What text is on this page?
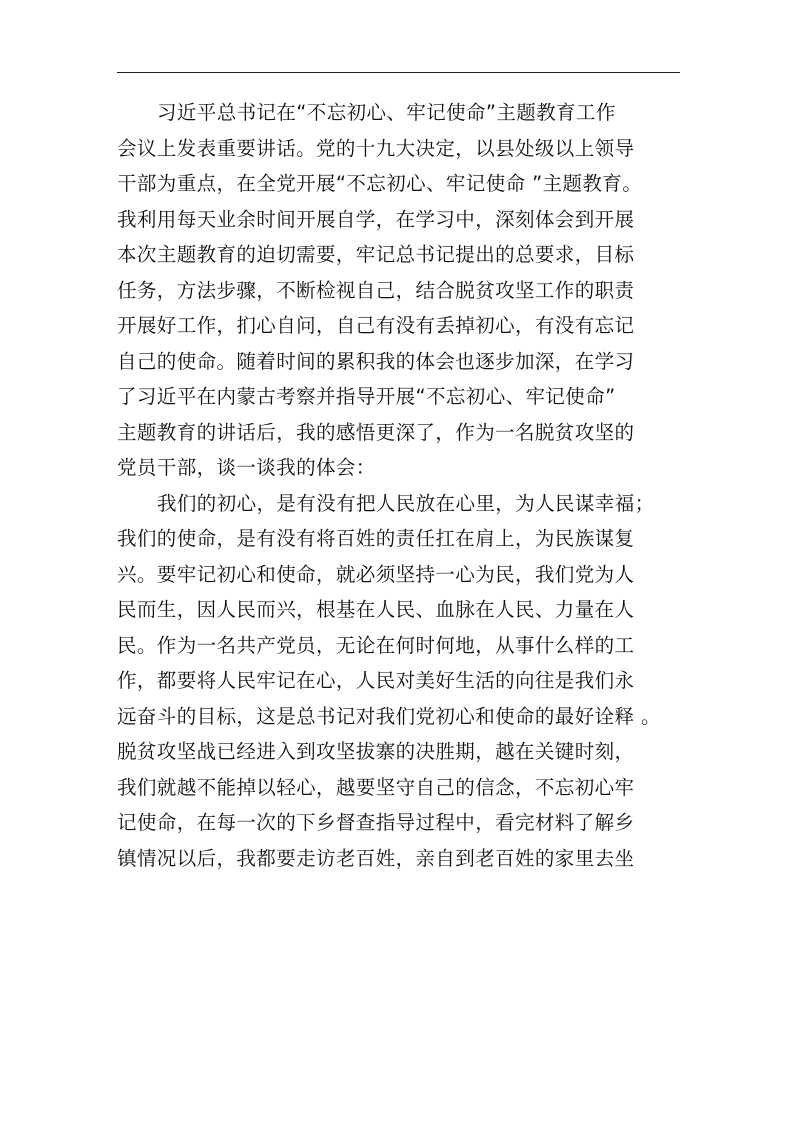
习近平总书记在“不忘初心、牢记使命”主题教育工作
会议上发表重要讲话。党的十九大决定，以县处级以上领导
干部为重点，在全党开展“不忘初心、牢记使命 ”主题教育。
我利用每天业余时间开展自学，在学习中，深刻体会到开展
本次主题教育的迫切需要，牢记总书记提出的总要求，目标
任务，方法步骤，不断检视自己，结合脱贫攻坚工作的职责
开展好工作，扪心自问，自己有没有丢掉初心，有没有忘记
自己的使命。随着时间的累积我的体会也逐步加深，在学习
了习近平在内蒙古考察并指导开展“不忘初心、牢记使命”
主题教育的讲话后，我的感悟更深了，作为一名脱贫攻坚的
党员干部，谈一谈我的体会：
我们的初心，是有没有把人民放在心里，为人民谋幸福；
我们的使命，是有没有将百姓的责任扛在肩上，为民族谋复
兴。要牢记初心和使命，就必须坚持一心为民，我们党为人
民而生，因人民而兴，根基在人民、血脉在人民、力量在人
民。作为一名共产党员，无论在何时何地，从事什么样的工
作，都要将人民牢记在心，人民对美好生活的向往是我们永
远奋斗的目标，这是总书记对我们党初心和使命的最好诠释 。
脱贫攻坚战已经进入到攻坚拔寨的决胜期，越在关键时刻，
我们就越不能掉以轻心，越要坚守自己的信念，不忘初心牢
记使命，在每一次的下乡督查指导过程中，看完材料了解乡
镇情况以后，我都要走访老百姓，亲自到老百姓的家里去坐
